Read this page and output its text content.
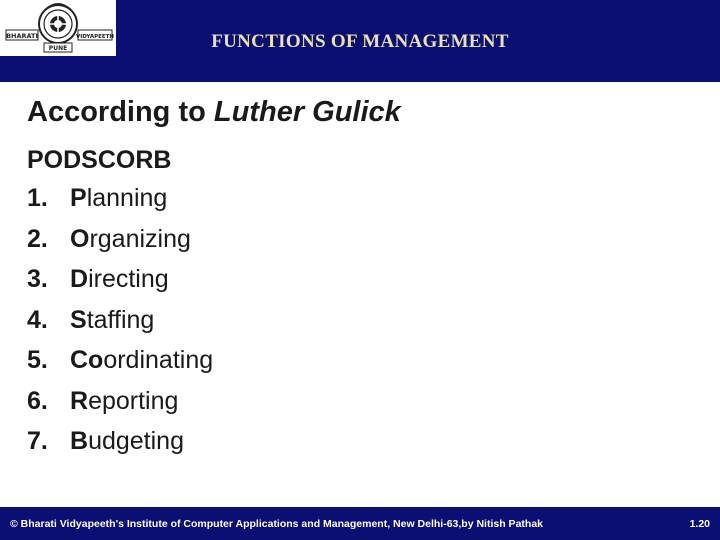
BHARATI	VIDYAPEETH
PUNE	FUNCTIONS OF MANAGEMENT
According to Luther Gulick
PODSCORB
1. Planning
2. Organizing
3. Directing
4. Staffing
5. Coordinating
6. Reporting
7. Budgeting
© Bharati Vidyapeeth's Institute of Computer Applications and Management, New Delhi-63,by Nitish Pathak	1.20
